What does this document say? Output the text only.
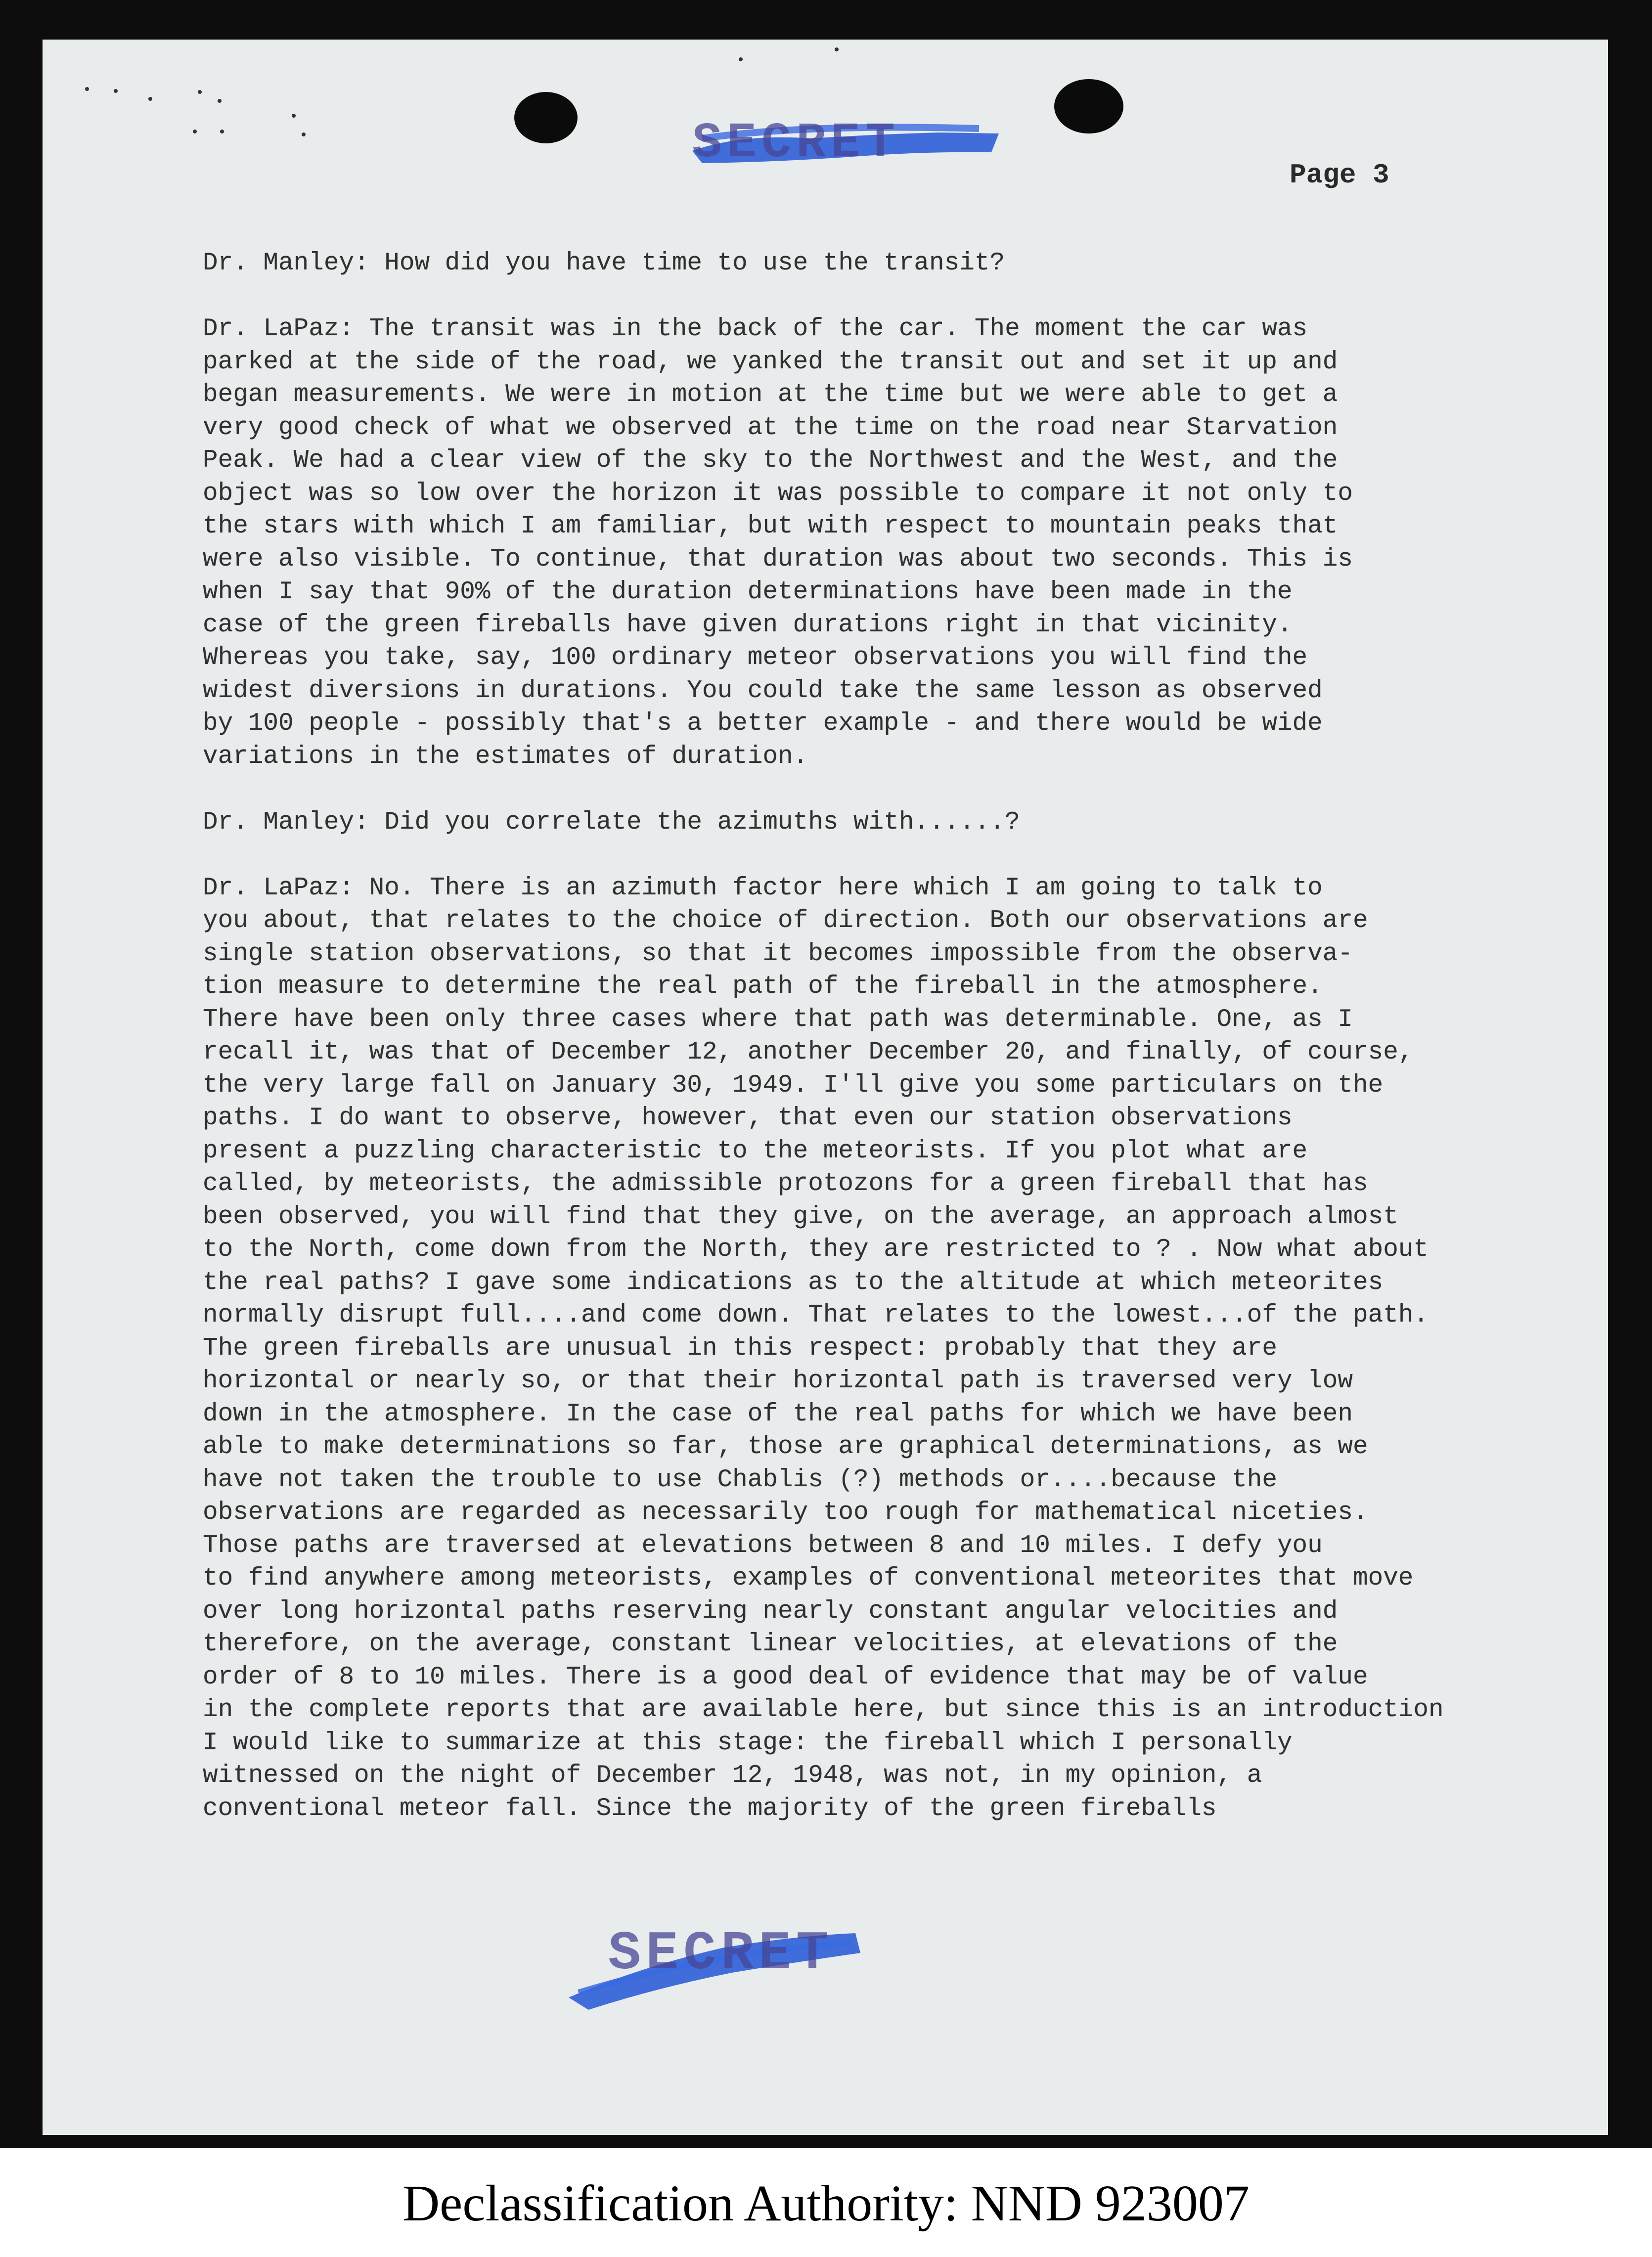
SECRET
Page 3
Dr. Manley: How did you have time to use the transit?
Dr. LaPaz: The transit was in the back of the car. The moment the car was
parked at the side of the road, we yanked the transit out and set it up and
began measurements. We were in motion at the time but we were able to get a
very good check of what we observed at the time on the road near Starvation
Peak. We had a clear view of the sky to the Northwest and the West, and the
object was so low over the horizon it was possible to compare it not only to
the stars with which I am familiar, but with respect to mountain peaks that
were also visible. To continue, that duration was about two seconds. This is
when I say that 90% of the duration determinations have been made in the
case of the green fireballs have given durations right in that vicinity.
Whereas you take, say, 100 ordinary meteor observations you will find the
widest diversions in durations. You could take the same lesson as observed
by 100 people - possibly that's a better example - and there would be wide
variations in the estimates of duration.
Dr. Manley: Did you correlate the azimuths with......?
Dr. LaPaz: No. There is an azimuth factor here which I am going to talk to
you about, that relates to the choice of direction. Both our observations are
single station observations, so that it becomes impossible from the observa-
tion measure to determine the real path of the fireball in the atmosphere.
There have been only three cases where that path was determinable. One, as I
recall it, was that of December 12, another December 20, and finally, of course,
the very large fall on January 30, 1949. I'll give you some particulars on the
paths. I do want to observe, however, that even our station observations
present a puzzling characteristic to the meteorists. If you plot what are
called, by meteorists, the admissible protozons for a green fireball that has
been observed, you will find that they give, on the average, an approach almost
to the North, come down from the North, they are restricted to ? . Now what about
the real paths? I gave some indications as to the altitude at which meteorites
normally disrupt full....and come down. That relates to the lowest...of the path.
The green fireballs are unusual in this respect: probably that they are
horizontal or nearly so, or that their horizontal path is traversed very low
down in the atmosphere. In the case of the real paths for which we have been
able to make determinations so far, those are graphical determinations, as we
have not taken the trouble to use Chablis (?) methods or....because the
observations are regarded as necessarily too rough for mathematical niceties.
Those paths are traversed at elevations between 8 and 10 miles. I defy you
to find anywhere among meteorists, examples of conventional meteorites that move
over long horizontal paths reserving nearly constant angular velocities and
therefore, on the average, constant linear velocities, at elevations of the
order of 8 to 10 miles. There is a good deal of evidence that may be of value
in the complete reports that are available here, but since this is an introduction
I would like to summarize at this stage: the fireball which I personally
witnessed on the night of December 12, 1948, was not, in my opinion, a
conventional meteor fall. Since the majority of the green fireballs
SECRET
Declassification Authority: NND 923007
